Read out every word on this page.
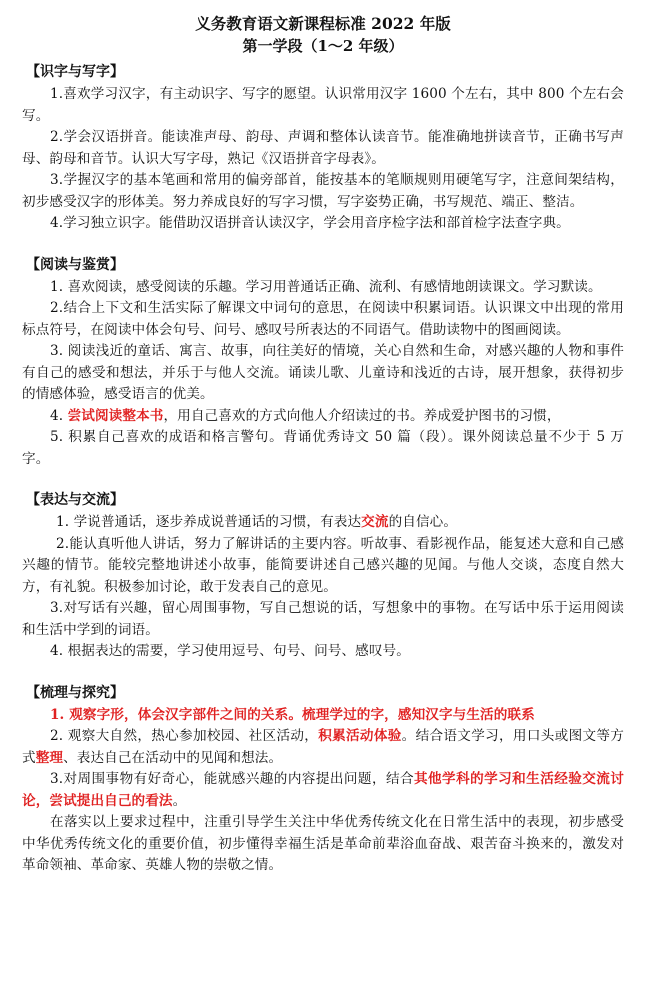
义务教育语文新课程标准 2022 年版
第一学段（1～2 年级）
【识字与写字】

1.喜欢学习汉字，有主动识字、写字的愿望。认识常用汉字 1600 个左右，其中 800 个左右会写。

2.学会汉语拼音。能读准声母、韵母、声调和整体认读音节。能准确地拼读音节，正确书写声母、韵母和音节。认识大写字母，熟记《汉语拼音字母表》。

3.学握汉字的基本笔画和常用的偏旁部首，能按基本的笔顺规则用硬笔写字，注意间架结构，初步感受汉字的形体美。努力养成良好的写字习惯，写字姿势正确，书写规范、端正、整洁。

4.学习独立识字。能借助汉语拼音认读汉字，学会用音序检字法和部首检字法查字典。

【阅读与鉴赏】

1. 喜欢阅读，感受阅读的乐趣。学习用普通话正确、流利、有感情地朗读课文。学习默读。

2.结合上下文和生活实际了解课文中词句的意思，在阅读中积累词语。认识课文中出现的常用标点符号，在阅读中体会句号、问号、感叹号所表达的不同语气。借助读物中的图画阅读。

3. 阅读浅近的童话、寓言、故事，向往美好的情境，关心自然和生命，对感兴趣的人物和事件有自己的感受和想法，并乐于与他人交流。诵读儿歌、儿童诗和浅近的古诗，展开想象，获得初步的情感体验，感受语言的优美。

4. 尝试阅读整本书，用自己喜欢的方式向他人介绍读过的书。养成爱护图书的习惯，

5. 积累自己喜欢的成语和格言警句。背诵优秀诗文 50 篇（段）。课外阅读总量不少于 5 万字。

【表达与交流】

1. 学说普通话，逐步养成说普通话的习惯，有表达交流的自信心。

2.能认真听他人讲话，努力了解讲话的主要内容。听故事、看影视作品，能复述大意和自己感兴趣的情节。能较完整地讲述小故事，能简要讲述自己感兴趣的见闻。与他人交谈，态度自然大方，有礼貌。积极参加讨论，敢于发表自己的意见。

3.对写话有兴趣，留心周围事物，写自己想说的话，写想象中的事物。在写话中乐于运用阅读和生活中学到的词语。

4. 根据表达的需要，学习使用逗号、句号、问号、感叹号。

【梳理与探究】

1. 观察字形，体会汉字部件之间的关系。梳理学过的字，感知汉字与生活的联系

2. 观察大自然，热心参加校园、社区活动，积累活动体验。结合语文学习，用口头或图文等方式整理、表达自己在活动中的见闻和想法。

3.对周围事物有好奇心，能就感兴趣的内容提出问题，结合其他学科的学习和生活经验交流讨论，尝试提出自己的看法。

在落实以上要求过程中，注重引导学生关注中华优秀传统文化在日常生活中的表现，初步感受中华优秀传统文化的重要价值，初步懂得幸福生活是革命前辈浴血奋战、艰苦奋斗换来的，激发对革命领袖、革命家、英雄人物的崇敬之情。
